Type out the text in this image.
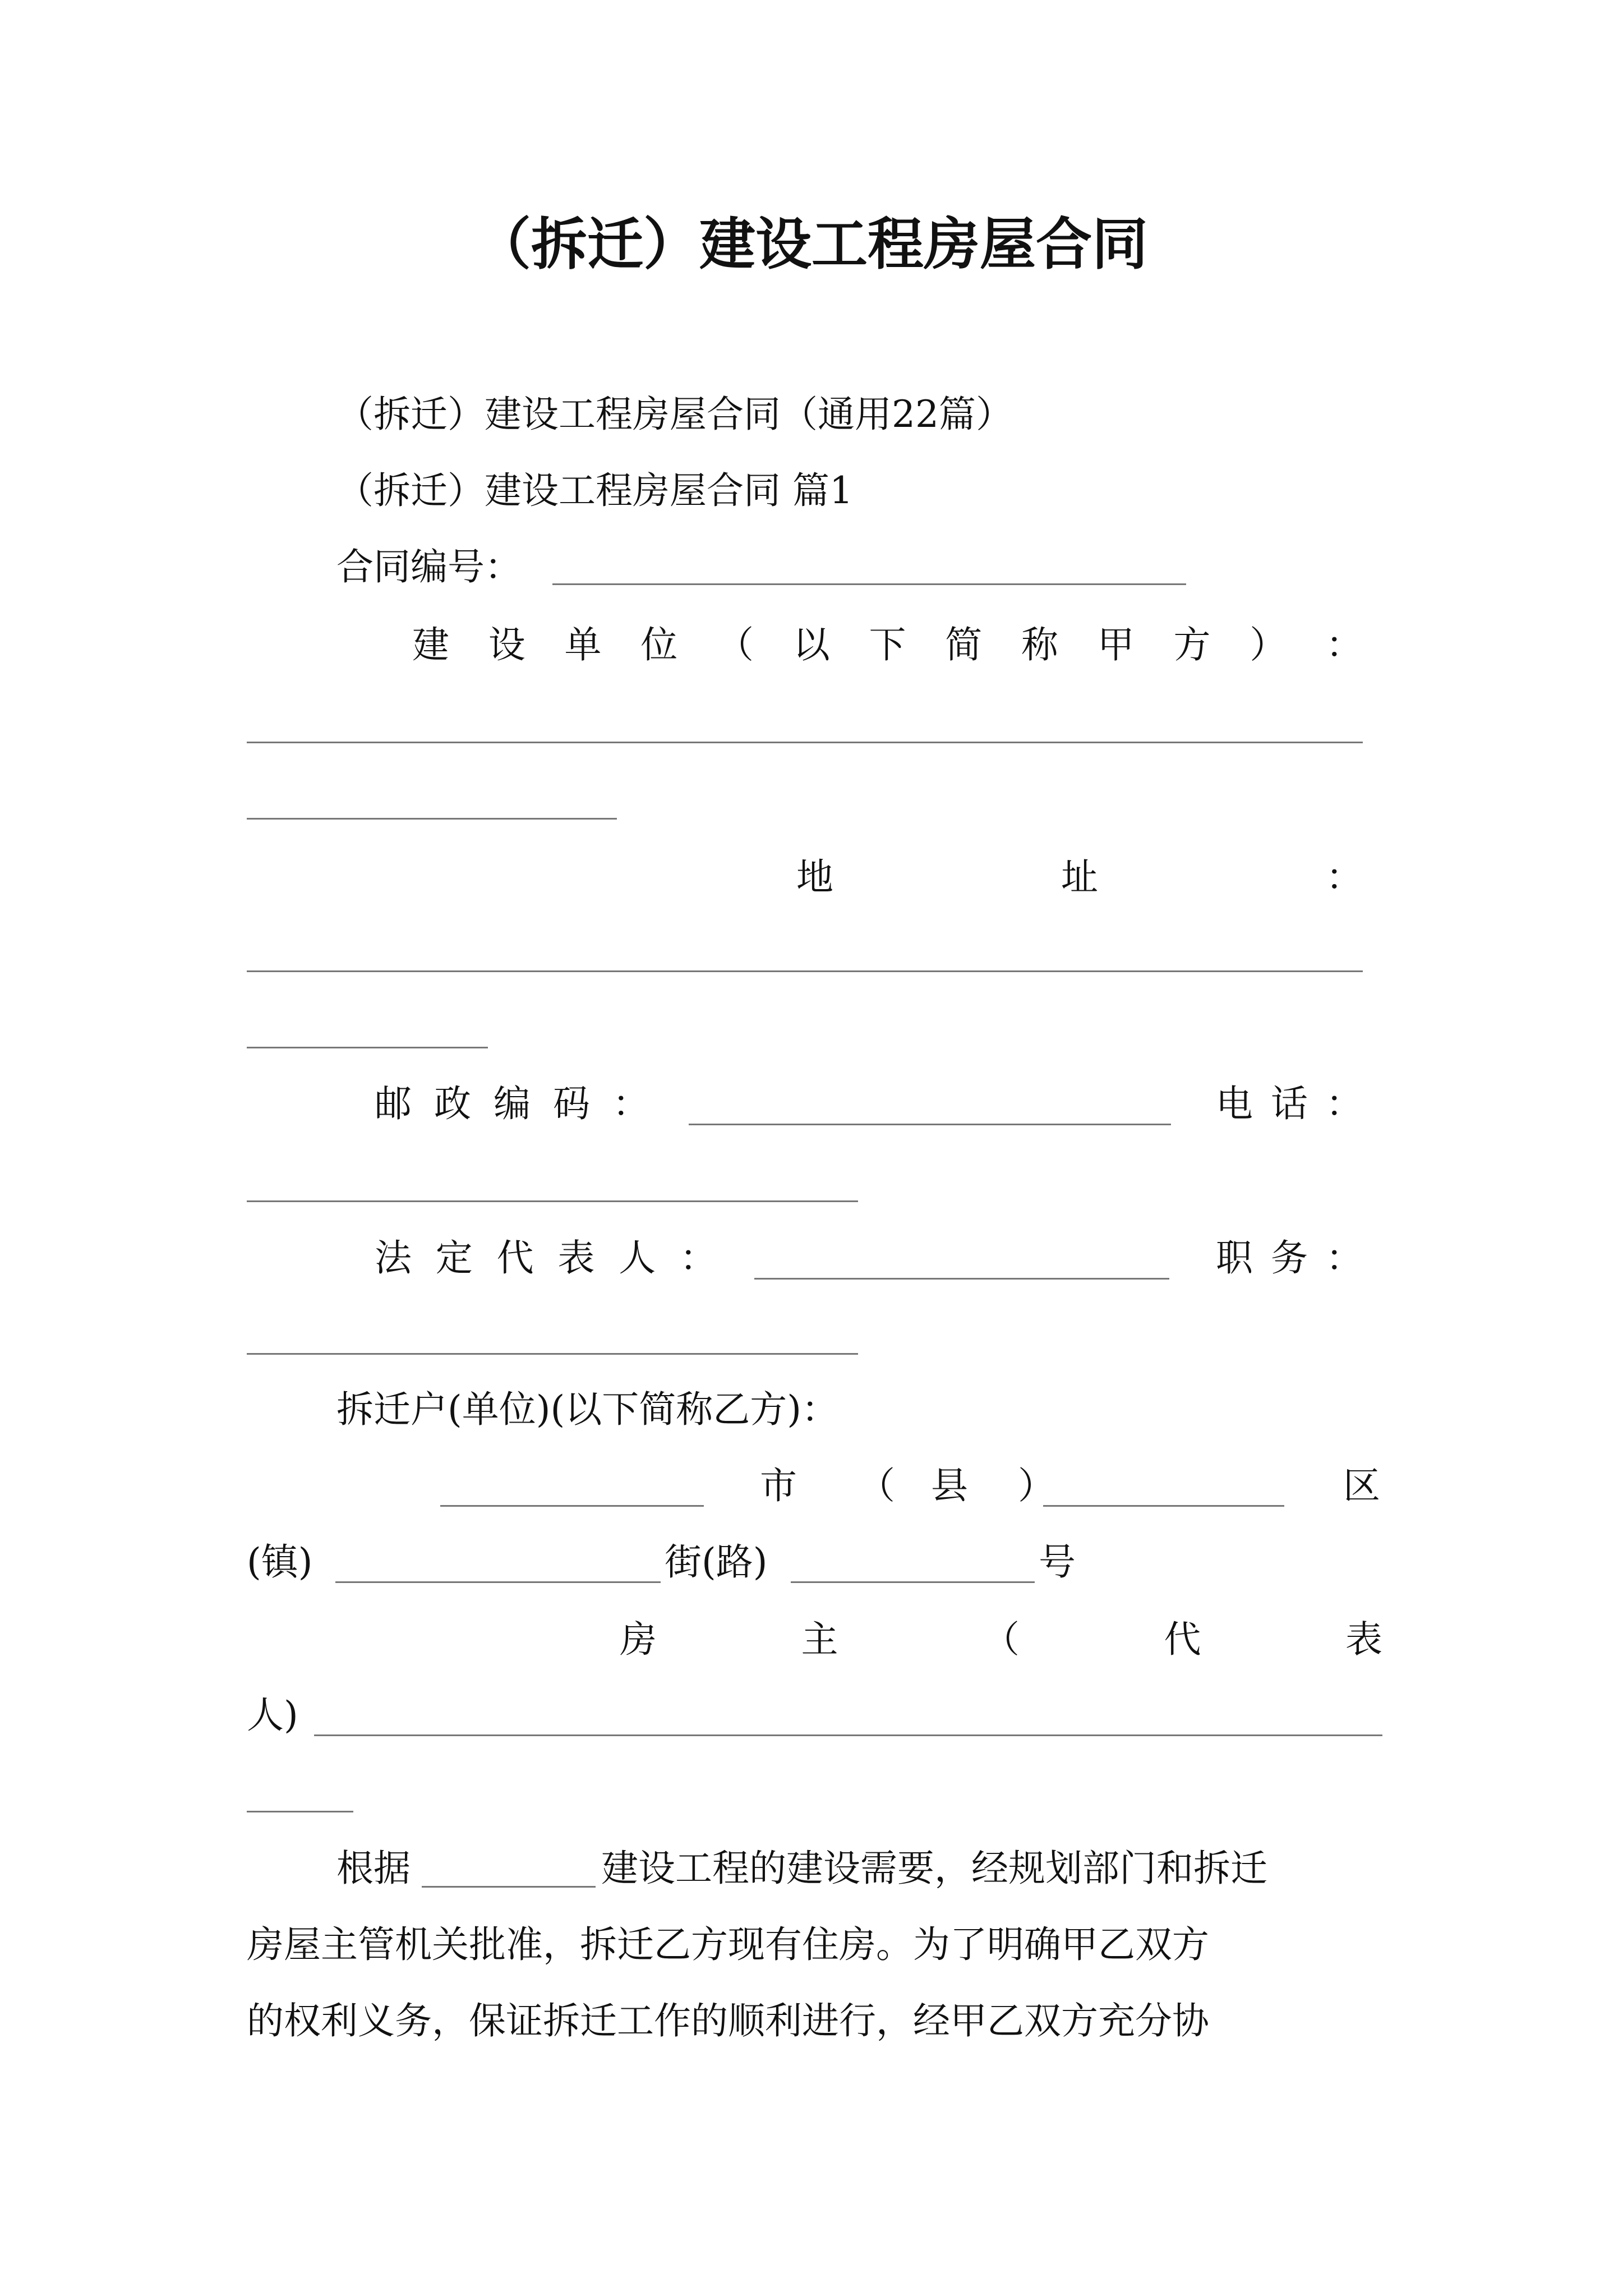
（拆迁）建设工程房屋合同
（拆迁）建设工程房屋合同（通用22篇）
（拆迁）建设工程房屋合同 篇1
合同编号：
建 设 单 位 （ 以 下 简 称 甲 方 ） ：
地	址	：
邮 政 编 码 ：	电 话 ：
法 定 代 表 人 ：	职 务 ：
拆迁户(单位)(以下简称乙方)：
市 （ 县 ）	区
(镇)	街(路)	号
房	主	（	代	表
人)
根据	建设工程的建设需要，经规划部门和拆迁
房屋主管机关批准，拆迁乙方现有住房。为了明确甲乙双方
的权利义务，保证拆迁工作的顺利进行，经甲乙双方充分协
